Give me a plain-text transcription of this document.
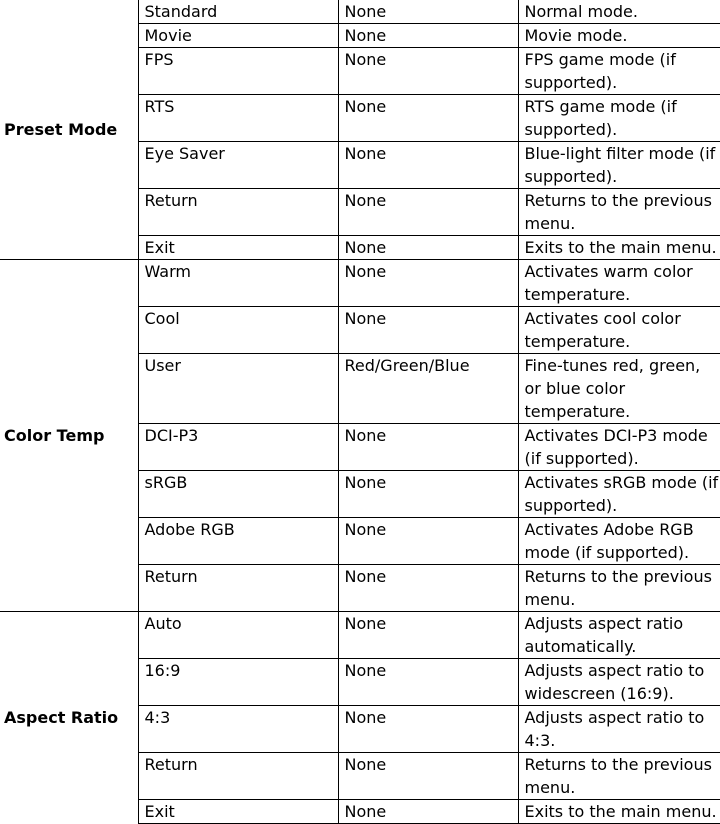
Preset Mode	Standard	None	Normal mode.
	Movie	None	Movie mode.
	FPS	None	FPS game mode (if supported).
	RTS	None	RTS game mode (if supported).
	Eye Saver	None	Blue-light filter mode (if supported).
	Return	None	Returns to the previous menu.
	Exit	None	Exits to the main menu.
Color Temp	Warm	None	Activates warm color temperature.
	Cool	None	Activates cool color temperature.
	User	Red/Green/Blue	Fine-tunes red, green, or blue color temperature.
	DCI-P3	None	Activates DCI-P3 mode (if supported).
	sRGB	None	Activates sRGB mode (if supported).
	Adobe RGB	None	Activates Adobe RGB mode (if supported).
	Return	None	Returns to the previous menu.
Aspect Ratio	Auto	None	Adjusts aspect ratio automatically.
	16:9	None	Adjusts aspect ratio to widescreen (16:9).
	4:3	None	Adjusts aspect ratio to 4:3.
	Return	None	Returns to the previous menu.
	Exit	None	Exits to the main menu.
